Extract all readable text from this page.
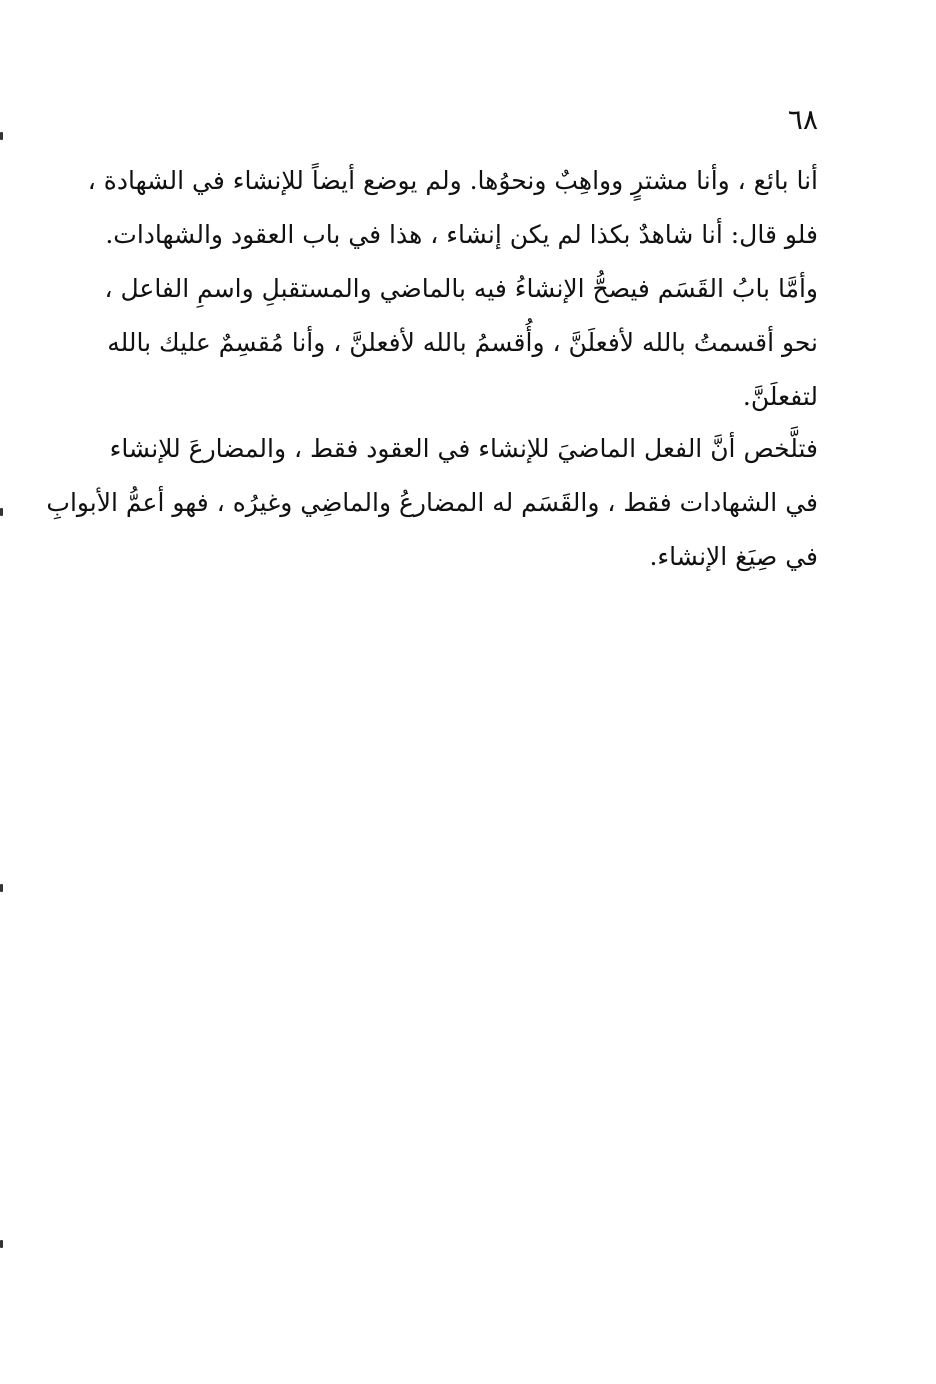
٦٨
أنا بائع ، وأنا مشترٍ وواهِبٌ ونحوُها. ولم يوضع أيضاً للإنشاء في الشهادة ،
فلو قال: أنا شاهدٌ بكذا لم يكن إنشاء ، هذا في باب العقود والشهادات.
وأمَّا بابُ القَسَم فيصحُّ الإنشاءُ فيه بالماضي والمستقبلِ واسمِ الفاعل ،
نحو أقسمتُ بالله لأفعلَنَّ ، وأُقسمُ بالله لأفعلنَّ ، وأنا مُقسِمٌ عليك بالله
لتفعلَنَّ.
فتلَّخص أنَّ الفعل الماضيَ للإنشاء في العقود فقط ، والمضارعَ للإنشاء
في الشهادات فقط ، والقَسَم له المضارعُ والماضِي وغيرُه ، فهو أعمُّ الأبوابِ
في صِيَغ الإنشاء.
